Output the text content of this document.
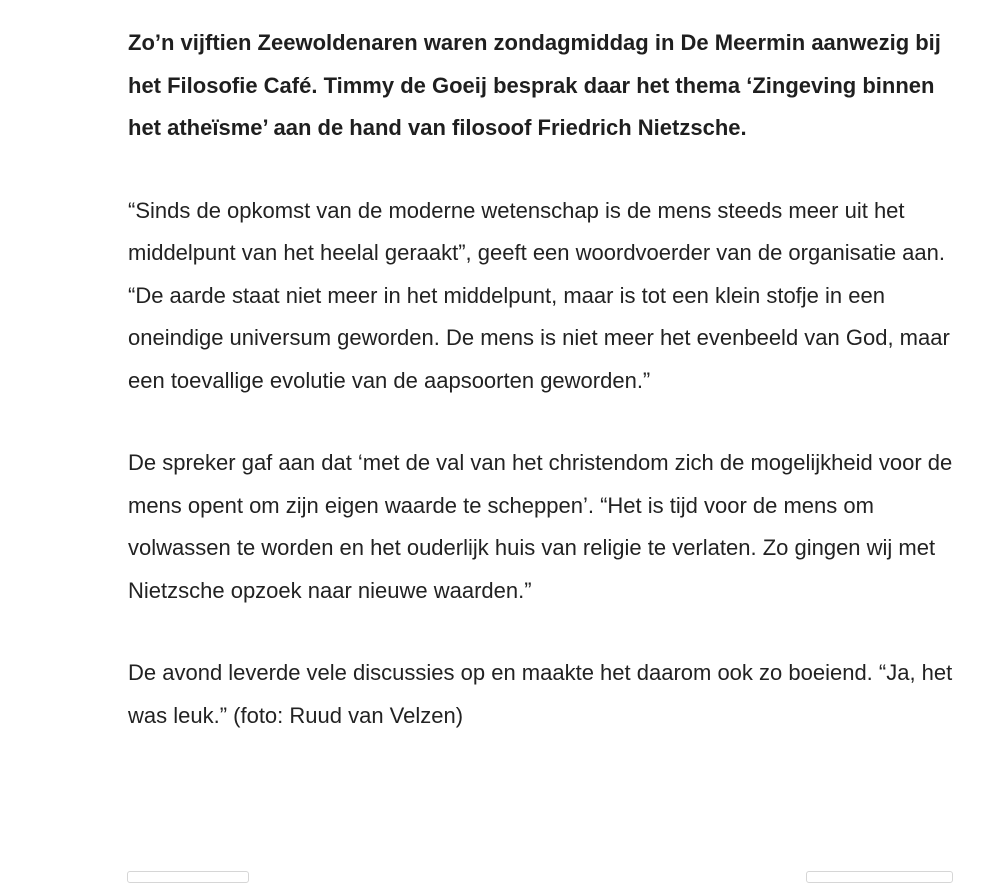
Zo’n vijftien Zeewoldenaren waren zondagmiddag in De Meermin aanwezig bij het Filosofie Café. Timmy de Goeij besprak daar het thema ‘Zingeving binnen het atheïsme’ aan de hand van filosoof Friedrich Nietzsche.

“Sinds de opkomst van de moderne wetenschap is de mens steeds meer uit het middelpunt van het heelal geraakt”, geeft een woordvoerder van de organisatie aan. “De aarde staat niet meer in het middelpunt, maar is tot een klein stofje in een oneindige universum geworden. De mens is niet meer het evenbeeld van God, maar een toevallige evolutie van de aapsoorten geworden.”

De spreker gaf aan dat ‘met de val van het christendom zich de mogelijkheid voor de mens opent om zijn eigen waarde te scheppen’. “Het is tijd voor de mens om volwassen te worden en het ouderlijk huis van religie te verlaten. Zo gingen wij met Nietzsche opzoek naar nieuwe waarden.”

De avond leverde vele discussies op en maakte het daarom ook zo boeiend. “Ja, het was leuk.” (foto: Ruud van Velzen)
